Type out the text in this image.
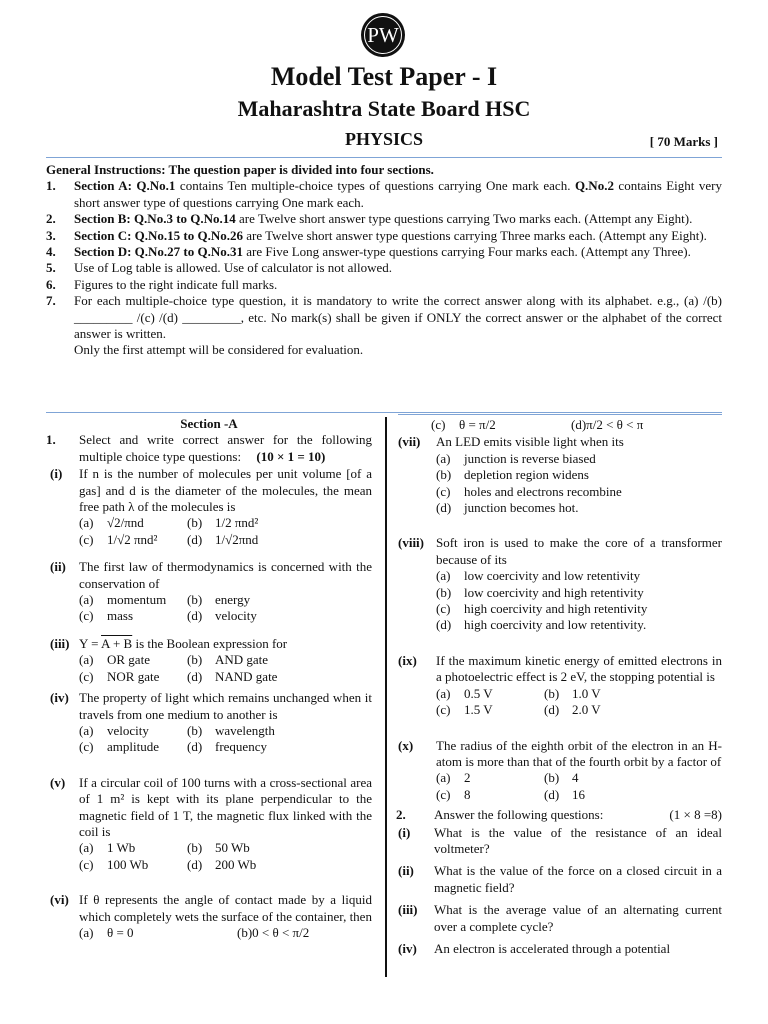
PW
Model Test Paper - I
Maharashtra State Board HSC
PHYSICS	[ 70 Marks ]
General Instructions: The question paper is divided into four sections.
1.	Section A: Q.No.1 contains Ten multiple-choice types of questions carrying One mark each. Q.No.2 contains Eight very short answer type of questions carrying One mark each.
2.	Section B: Q.No.3 to Q.No.14 are Twelve short answer type questions carrying Two marks each. (Attempt any Eight).
3.	Section C: Q.No.15 to Q.No.26 are Twelve short answer type questions carrying Three marks each. (Attempt any Eight).
4.	Section D: Q.No.27 to Q.No.31 are Five Long answer-type questions carrying Four marks each. (Attempt any Three).
5.	Use of Log table is allowed. Use of calculator is not allowed.
6.	Figures to the right indicate full marks.
7.	For each multiple-choice type question, it is mandatory to write the correct answer along with its alphabet. e.g., (a) /(b) _________ /(c) /(d) _________, etc. No mark(s) shall be given if ONLY the correct answer or the alphabet of the correct answer is written.
Only the first attempt will be considered for evaluation.
Section -A
1.	Select and write correct answer for the following multiple choice type questions: (10 × 1 = 10)
(i)	If n is the number of molecules per unit volume [of a gas] and d is the diameter of the molecules, the mean free path λ of the molecules is
(a)	√2/πnd	(b) 1/2 πnd²
(c)	1/√2 πnd² (d) 1/√2πnd
(ii)	The first law of thermodynamics is concerned with the conservation of
(a)	momentum (b) energy
(c)	mass	(d) velocity
(iii) Y = A + B is the Boolean expression for
(a)	OR gate	(b) AND gate
(c)	NOR gate (d) NAND gate
(iv) The property of light which remains unchanged when it travels from one medium to another is
(a)	velocity	(b) wavelength
(c)	amplitude (d) frequency
(v)	If a circular coil of 100 turns with a cross-sectional area of 1 m² is kept with its plane perpendicular to the magnetic field of 1 T, the magnetic flux linked with the coil is
(a)	1 Wb	(b) 50 Wb
(c)	100 Wb	(d) 200 Wb
(vi) If θ represents the angle of contact made by a liquid which completely wets the surface of the container, then
(a)	θ = 0	(b) 0 < θ < π/2
(c)	θ = π/2	(d) π/2 < θ < π
(vii)	An LED emits visible light when its
(a)	junction is reverse biased
(b) depletion region widens
(c)	holes and electrons recombine
(d) junction becomes hot.
(viii) Soft iron is used to make the core of a transformer because of its
(a)	low coercivity and low retentivity
(b) low coercivity and high retentivity
(c)	high coercivity and high retentivity
(d) high coercivity and low retentivity.
(ix)	If the maximum kinetic energy of emitted electrons in a photoelectric effect is 2 eV, the stopping potential is
(a)	0.5 V	(b) 1.0 V
(c)	1.5 V	(d) 2.0 V
(x)	The radius of the eighth orbit of the electron in an H-atom is more than that of the fourth orbit by a factor of
(a)	2	(b) 4
(c)	8	(d) 16
2.	Answer the following questions:	(1 × 8 =8)
(i)	What is the value of the resistance of an ideal voltmeter?
(ii)	What is the value of the force on a closed circuit in a magnetic field?
(iii)	What is the average value of an alternating current over a complete cycle?
(iv)	An electron is accelerated through a potential
